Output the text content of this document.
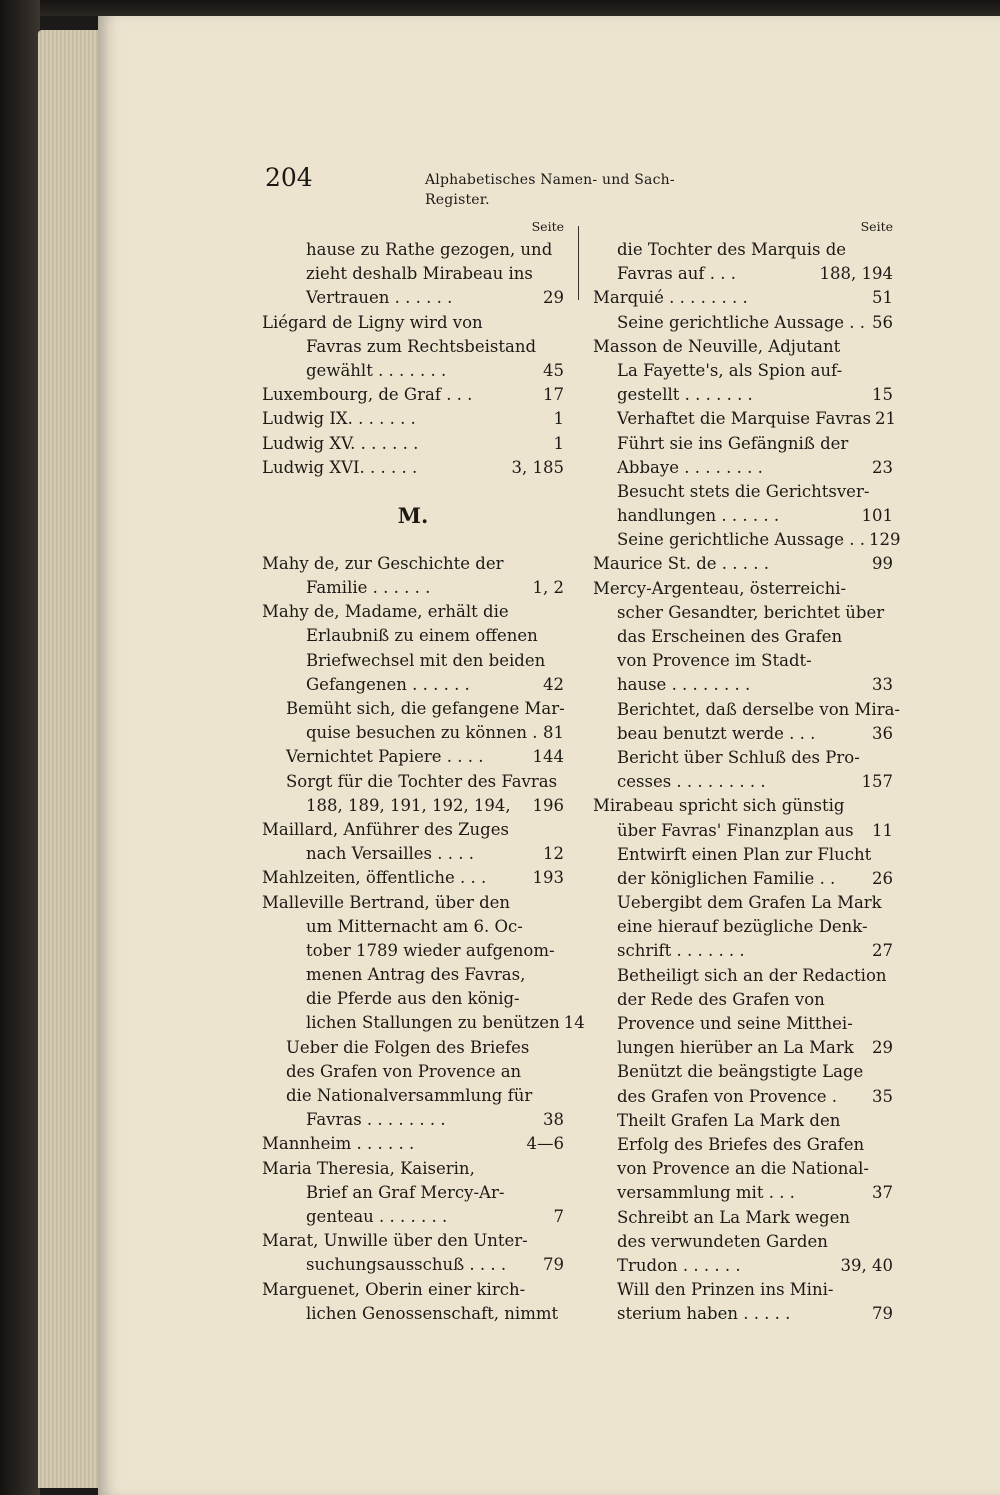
204	Alphabetisches Namen- und Sach-Register.
Seite
hause zu Rathe gezogen, und
zieht deshalb Mirabeau ins
Vertrauen . . . . . .	29
Liégard de Ligny wird von
Favras zum Rechtsbeistand
gewählt . . . . . . .	45
Luxembourg, de Graf . . .	17
Ludwig IX. . . . . . .	1
Ludwig XV. . . . . . .	1
Ludwig XVI. . . . . .	3, 185
M.
Mahy de, zur Geschichte der
Familie . . . . . .	1, 2
Mahy de, Madame, erhält die
Erlaubniß zu einem offenen
Briefwechsel mit den beiden
Gefangenen . . . . . .	42
Bemüht sich, die gefangene Mar-
quise besuchen zu können . 81
Vernichtet Papiere . . . .	144
Sorgt für die Tochter des Favras
188, 189, 191, 192, 194, 196
Maillard, Anführer des Zuges
nach Versailles . . . .	12
Mahlzeiten, öffentliche . . .	193
Malleville Bertrand, über den
um Mitternacht am 6. Oc-
tober 1789 wieder aufgenom-
menen Antrag des Favras,
die Pferde aus den könig-
lichen Stallungen zu benützen 14
Ueber die Folgen des Briefes
des Grafen von Provence an
die Nationalversammlung für
Favras . . . . . . . .	38
Mannheim . . . . . .	4—6
Maria Theresia, Kaiserin,
Brief an Graf Mercy-Ar-
genteau . . . . . . .	7
Marat, Unwille über den Unter-
suchungsausschuß . . . . 79
Marguenet, Oberin einer kirch-
lichen Genossenschaft, nimmt
Seite
die Tochter des Marquis de
Favras auf . . .	188, 194
Marquié . . . . . . . .	51
Seine gerichtliche Aussage . . 56
Masson de Neuville, Adjutant
La Fayette's, als Spion auf-
gestellt . . . . . . .	15
Verhaftet die Marquise Favras 21
Führt sie ins Gefängniß der
Abbaye . . . . . . . .	23
Besucht stets die Gerichtsver-
handlungen . . . . . .	101
Seine gerichtliche Aussage . . 129
Maurice St. de . . . . .	99
Mercy-Argenteau, österreichi-
scher Gesandter, berichtet über
das Erscheinen des Grafen
von Provence im Stadt-
hause . . . . . . . .	33
Berichtet, daß derselbe von Mira-
beau benutzt werde . . .	36
Bericht über Schluß des Pro-
cesses . . . . . . . . .	157
Mirabeau spricht sich günstig
über Favras' Finanzplan aus 11
Entwirft einen Plan zur Flucht
der königlichen Familie . . 26
Uebergibt dem Grafen La Mark
eine hierauf bezügliche Denk-
schrift . . . . . . .	27
Betheiligt sich an der Redaction
der Rede des Grafen von
Provence und seine Mitthei-
lungen hierüber an La Mark 29
Benützt die beängstigte Lage
des Grafen von Provence . 35
Theilt Grafen La Mark den
Erfolg des Briefes des Grafen
von Provence an die National-
versammlung mit . . .	37
Schreibt an La Mark wegen
des verwundeten Garden
Trudon . . . . . .	39, 40
Will den Prinzen ins Mini-
sterium haben . . . . .	79
